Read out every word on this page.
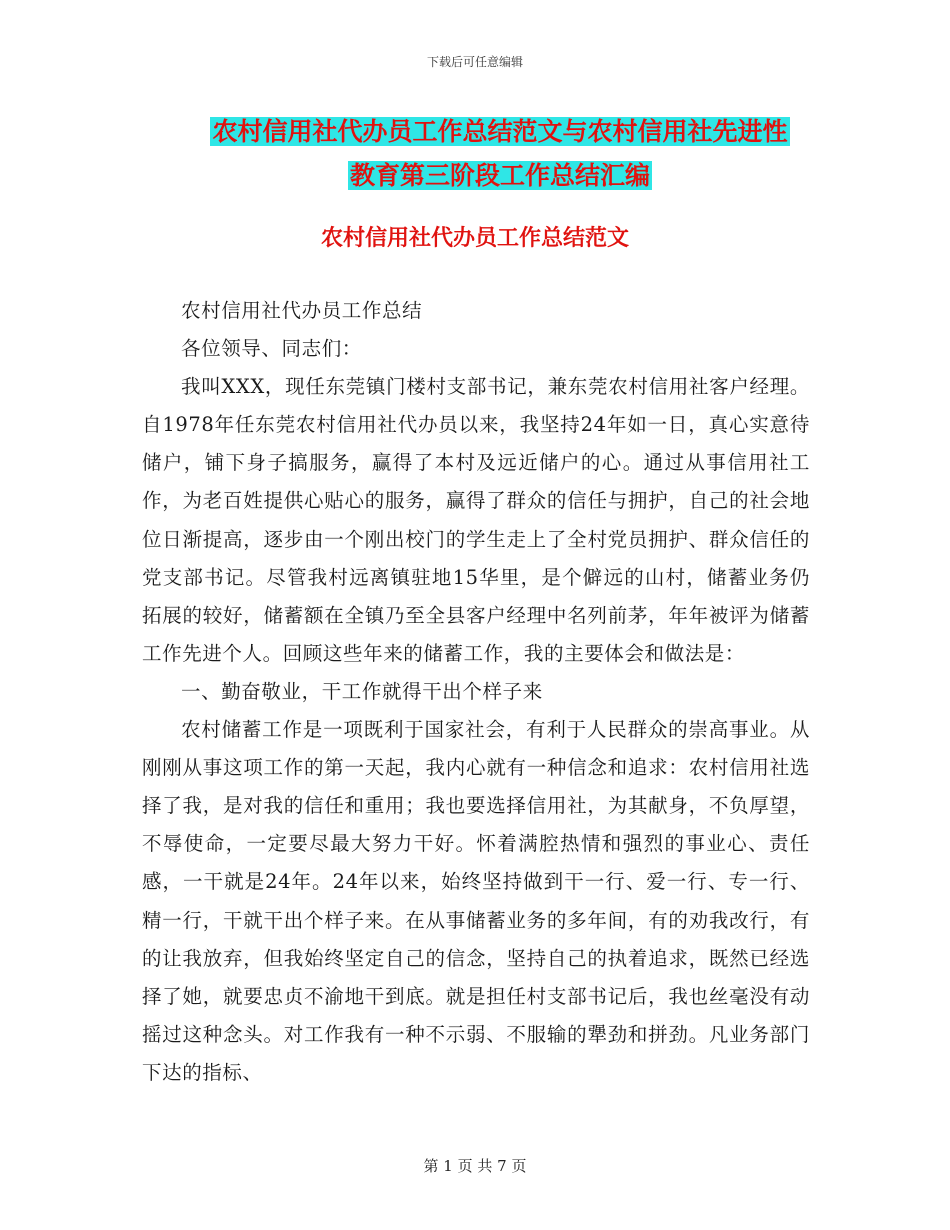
下载后可任意编辑
农村信用社代办员工作总结范文与农村信用社先进性
教育第三阶段工作总结汇编
农村信用社代办员工作总结范文

农村信用社代办员工作总结

各位领导、同志们：

我叫XXX，现任东莞镇门楼村支部书记，兼东莞农村信用社客户经理。自1978年任东莞农村信用社代办员以来，我坚持24年如一日，真心实意待储户，铺下身子搞服务，赢得了本村及远近储户的心。通过从事信用社工作，为老百姓提供心贴心的服务，赢得了群众的信任与拥护，自己的社会地位日渐提高，逐步由一个刚出校门的学生走上了全村党员拥护、群众信任的党支部书记。尽管我村远离镇驻地15华里，是个僻远的山村，储蓄业务仍拓展的较好，储蓄额在全镇乃至全县客户经理中名列前茅，年年被评为储蓄工作先进个人。回顾这些年来的储蓄工作，我的主要体会和做法是：

一、勤奋敬业，干工作就得干出个样子来

农村储蓄工作是一项既利于国家社会，有利于人民群众的崇高事业。从刚刚从事这项工作的第一天起，我内心就有一种信念和追求：农村信用社选择了我，是对我的信任和重用；我也要选择信用社，为其献身，不负厚望，不辱使命，一定要尽最大努力干好。怀着满腔热情和强烈的事业心、责任感，一干就是24年。24年以来，始终坚持做到干一行、爱一行、专一行、精一行，干就干出个样子来。在从事储蓄业务的多年间，有的劝我改行，有的让我放弃，但我始终坚定自己的信念，坚持自己的执着追求，既然已经选择了她，就要忠贞不渝地干到底。就是担任村支部书记后，我也丝毫没有动摇过这种念头。对工作我有一种不示弱、不服输的犟劲和拼劲。凡业务部门下达的指标、

第 1 页 共 7 页
